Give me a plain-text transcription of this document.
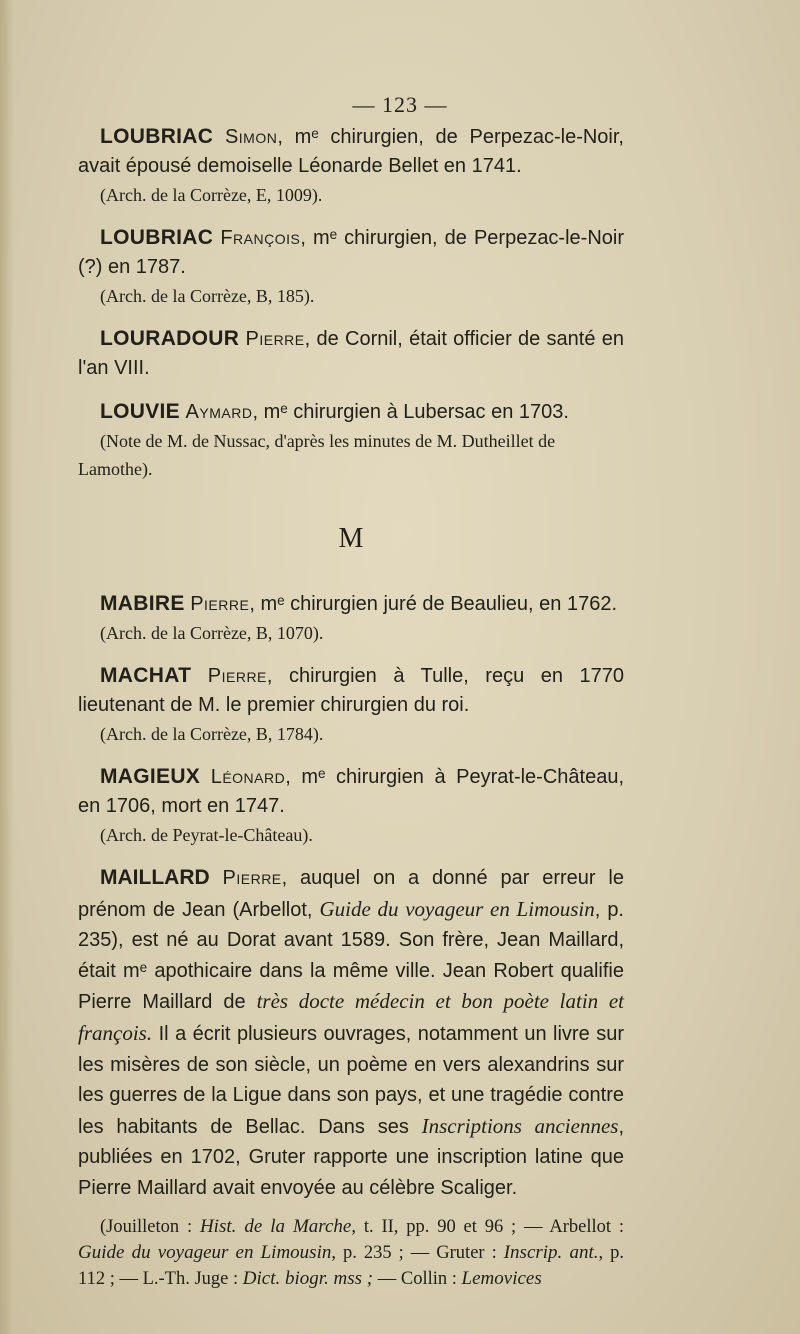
— 123 —

LOUBRIAC Simon, mᵉ chirurgien, de Perpezac-le-Noir, avait épousé demoiselle Léonarde Bellet en 1741.

(Arch. de la Corrèze, E, 1009).

LOUBRIAC François, mᵉ chirurgien, de Perpezac-le-Noir (?) en 1787.

(Arch. de la Corrèze, B, 185).

LOURADOUR Pierre, de Cornil, était officier de santé en l'an VIII.

LOUVIE Aymard, mᵉ chirurgien à Lubersac en 1703.

(Note de M. de Nussac, d'après les minutes de M. Dutheillet de Lamothe).

M

MABIRE Pierre, mᵉ chirurgien juré de Beaulieu, en 1762.

(Arch. de la Corrèze, B, 1070).

MACHAT Pierre, chirurgien à Tulle, reçu en 1770 lieutenant de M. le premier chirurgien du roi.

(Arch. de la Corrèze, B, 1784).

MAGIEUX Léonard, mᵉ chirurgien à Peyrat-le-Château, en 1706, mort en 1747.

(Arch. de Peyrat-le-Château).

MAILLARD Pierre, auquel on a donné par erreur le prénom de Jean (Arbellot, Guide du voyageur en Limousin, p. 235), est né au Dorat avant 1589. Son frère, Jean Maillard, était mᵉ apothicaire dans la même ville. Jean Robert qualifie Pierre Maillard de très docte médecin et bon poète latin et françois. Il a écrit plusieurs ouvrages, notamment un livre sur les misères de son siècle, un poème en vers alexandrins sur les guerres de la Ligue dans son pays, et une tragédie contre les habitants de Bellac. Dans ses Inscriptions anciennes, publiées en 1702, Gruter rapporte une inscription latine que Pierre Maillard avait envoyée au célèbre Scaliger.

(Jouilleton : Hist. de la Marche, t. II, pp. 90 et 96 ; — Arbellot : Guide du voyageur en Limousin, p. 235 ; — Gruter : Inscrip. ant., p. 112 ; — L.-Th. Juge : Dict. biogr. mss ; — Collin : Lemovices
